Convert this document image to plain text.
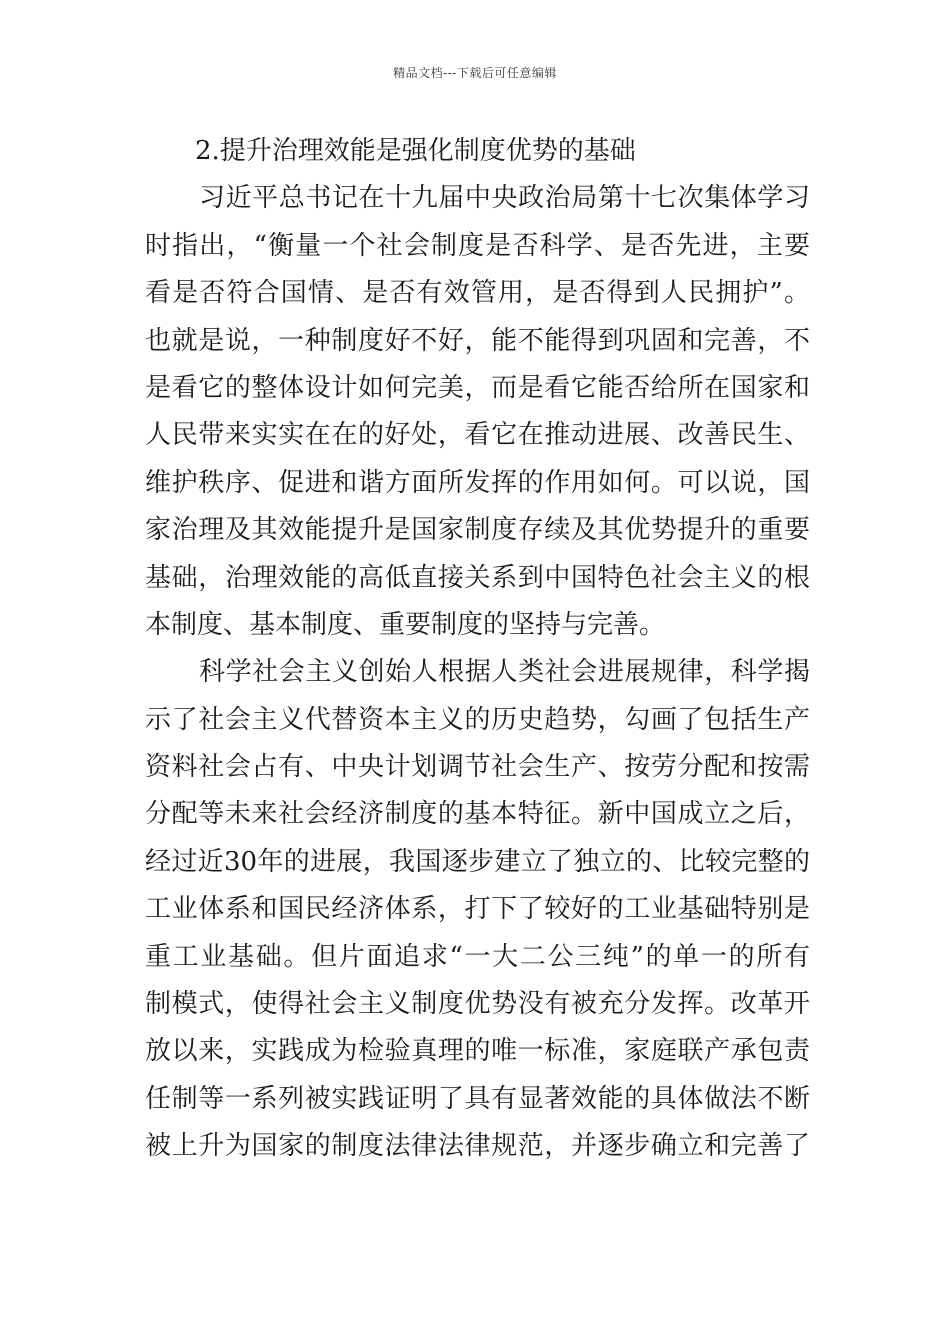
精品文档---下载后可任意编辑
2.提升治理效能是强化制度优势的基础
习近平总书记在十九届中央政治局第十七次集体学习
时指出，“衡量一个社会制度是否科学、是否先进，主要
看是否符合国情、是否有效管用，是否得到人民拥护”。
也就是说，一种制度好不好，能不能得到巩固和完善，不
是看它的整体设计如何完美，而是看它能否给所在国家和
人民带来实实在在的好处，看它在推动进展、改善民生、
维护秩序、促进和谐方面所发挥的作用如何。可以说，国
家治理及其效能提升是国家制度存续及其优势提升的重要
基础，治理效能的高低直接关系到中国特色社会主义的根
本制度、基本制度、重要制度的坚持与完善。
科学社会主义创始人根据人类社会进展规律，科学揭
示了社会主义代替资本主义的历史趋势，勾画了包括生产
资料社会占有、中央计划调节社会生产、按劳分配和按需
分配等未来社会经济制度的基本特征。新中国成立之后，
经过近30年的进展，我国逐步建立了独立的、比较完整的
工业体系和国民经济体系，打下了较好的工业基础特别是
重工业基础。但片面追求“一大二公三纯”的单一的所有
制模式，使得社会主义制度优势没有被充分发挥。改革开
放以来，实践成为检验真理的唯一标准，家庭联产承包责
任制等一系列被实践证明了具有显著效能的具体做法不断
被上升为国家的制度法律法律规范，并逐步确立和完善了
